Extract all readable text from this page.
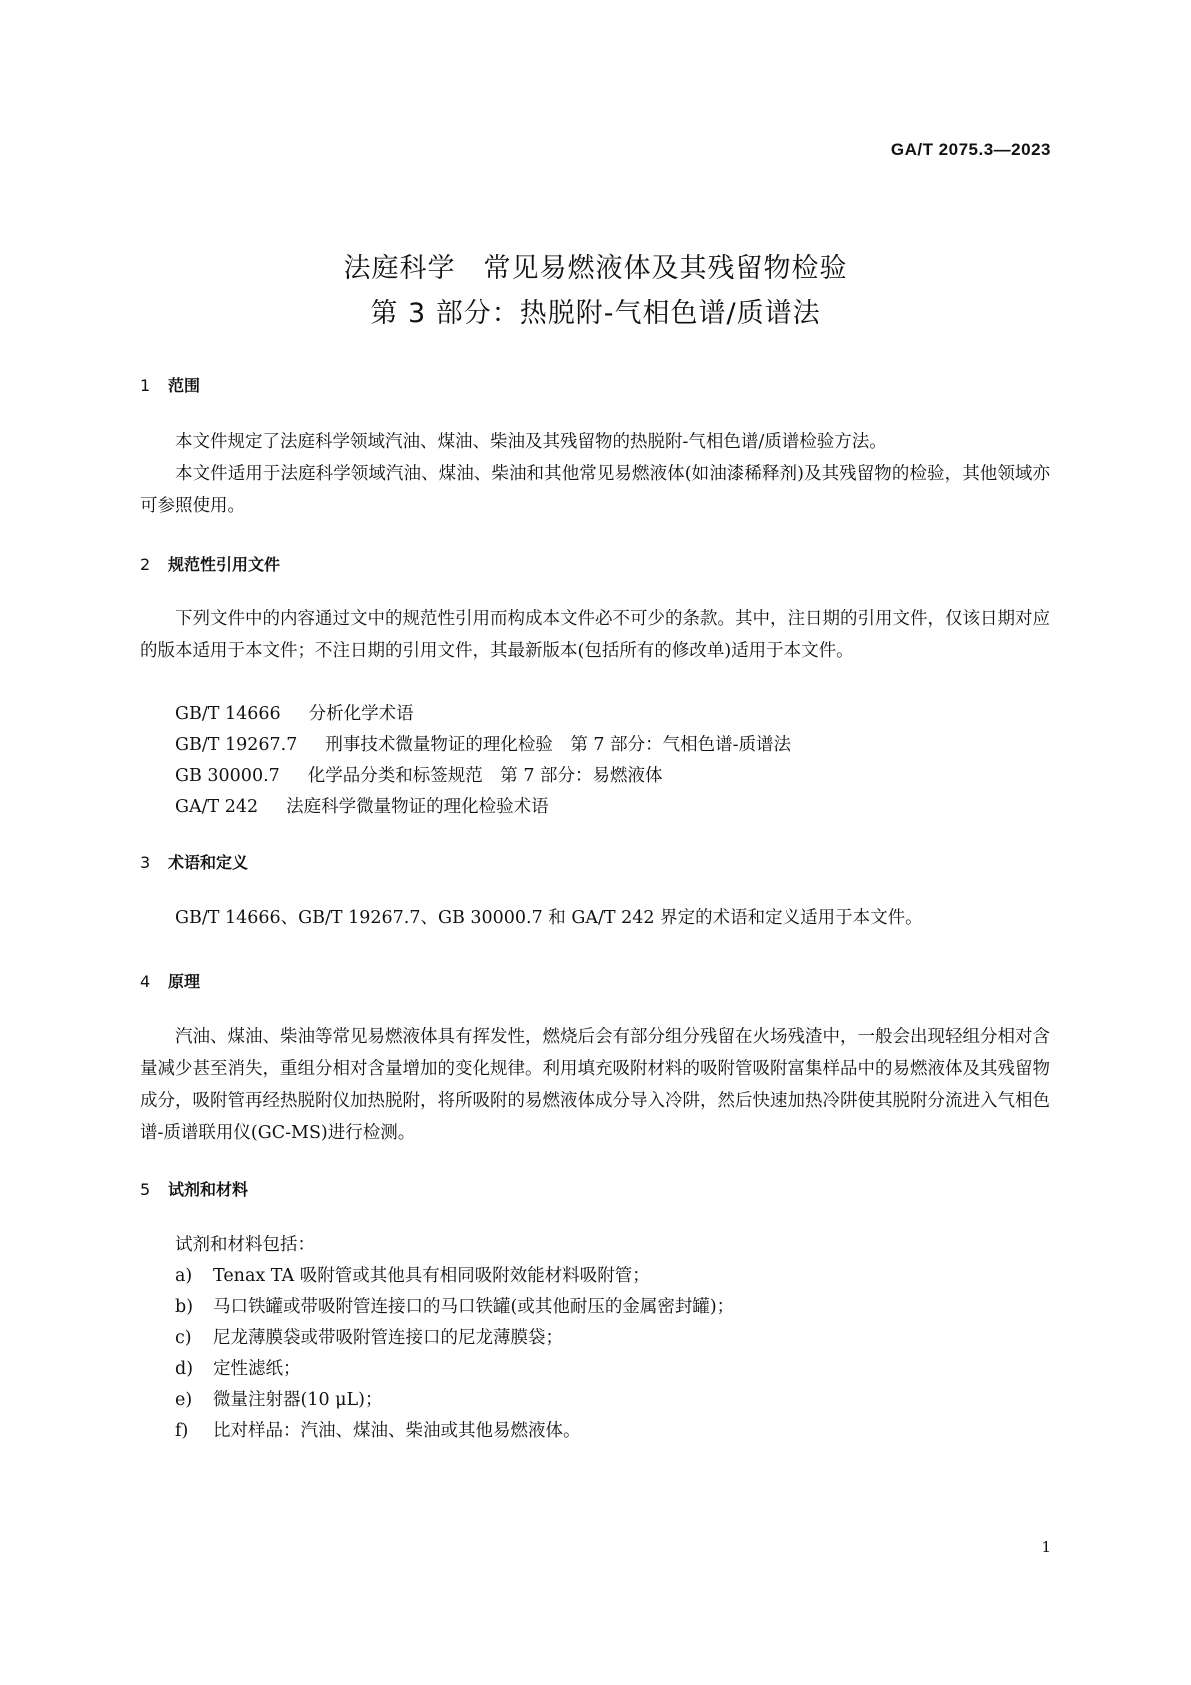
GA/T 2075.3—2023
法庭科学　常见易燃液体及其残留物检验
第 3 部分：热脱附-气相色谱/质谱法
1 范围
本文件规定了法庭科学领域汽油、煤油、柴油及其残留物的热脱附-气相色谱/质谱检验方法。
本文件适用于法庭科学领域汽油、煤油、柴油和其他常见易燃液体(如油漆稀释剂)及其残留物的检验，其他领域亦可参照使用。
2 规范性引用文件
下列文件中的内容通过文中的规范性引用而构成本文件必不可少的条款。其中，注日期的引用文件，仅该日期对应的版本适用于本文件；不注日期的引用文件，其最新版本(包括所有的修改单)适用于本文件。
GB/T 14666 分析化学术语
GB/T 19267.7 刑事技术微量物证的理化检验　第 7 部分：气相色谱-质谱法
GB 30000.7 化学品分类和标签规范　第 7 部分：易燃液体
GA/T 242 法庭科学微量物证的理化检验术语
3 术语和定义
GB/T 14666、GB/T 19267.7、GB 30000.7 和 GA/T 242 界定的术语和定义适用于本文件。
4 原理
汽油、煤油、柴油等常见易燃液体具有挥发性，燃烧后会有部分组分残留在火场残渣中，一般会出现轻组分相对含量减少甚至消失，重组分相对含量增加的变化规律。利用填充吸附材料的吸附管吸附富集样品中的易燃液体及其残留物成分，吸附管再经热脱附仪加热脱附，将所吸附的易燃液体成分导入冷阱，然后快速加热冷阱使其脱附分流进入气相色谱-质谱联用仪(GC-MS)进行检测。
5 试剂和材料
试剂和材料包括：
a) Tenax TA 吸附管或其他具有相同吸附效能材料吸附管；
b) 马口铁罐或带吸附管连接口的马口铁罐(或其他耐压的金属密封罐)；
c) 尼龙薄膜袋或带吸附管连接口的尼龙薄膜袋；
d) 定性滤纸；
e) 微量注射器(10 μL)；
f) 比对样品：汽油、煤油、柴油或其他易燃液体。
1
